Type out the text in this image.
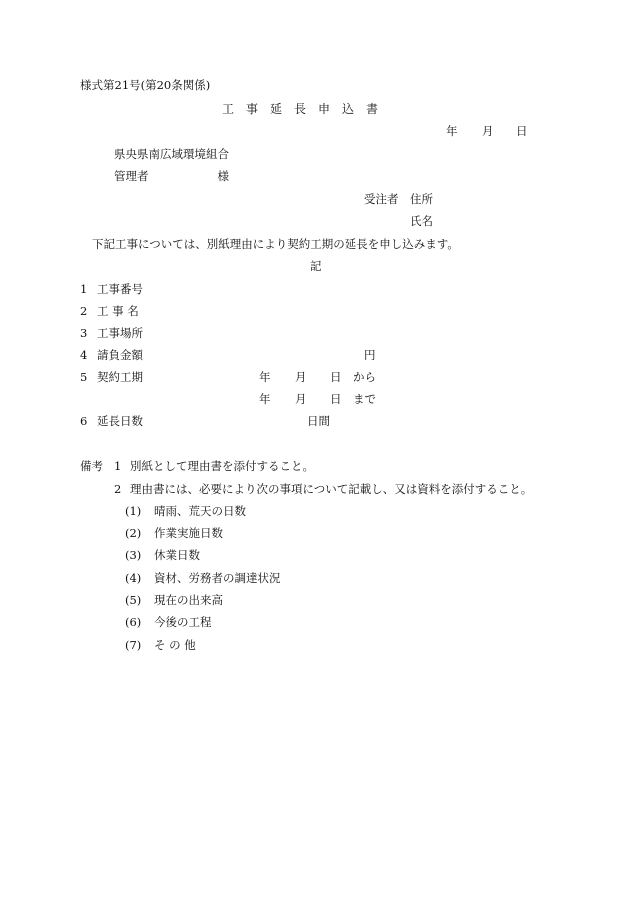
様式第21号(第20条関係)
工　事　延　長　申　込　書
年 月 日
県央県南広域環境組合
管理者　　　　　　様
受注者 住所
氏名
下記工事については、別紙理由により契約工期の延長を申し込みます。
記
1 工事番号
2 工 事 名
3 工事場所
4 請負金額	円
5 契約工期	年 月 日 から
年 月 日 まで
6 延長日数	日間
備考 1 別紙として理由書を添付すること。
2 理由書には、必要により次の事項について記載し、又は資料を添付すること。
(1) 晴雨、荒天の日数
(2) 作業実施日数
(3) 休業日数
(4) 資材、労務者の調達状況
(5) 現在の出来高
(6) 今後の工程
(7) そ の 他
